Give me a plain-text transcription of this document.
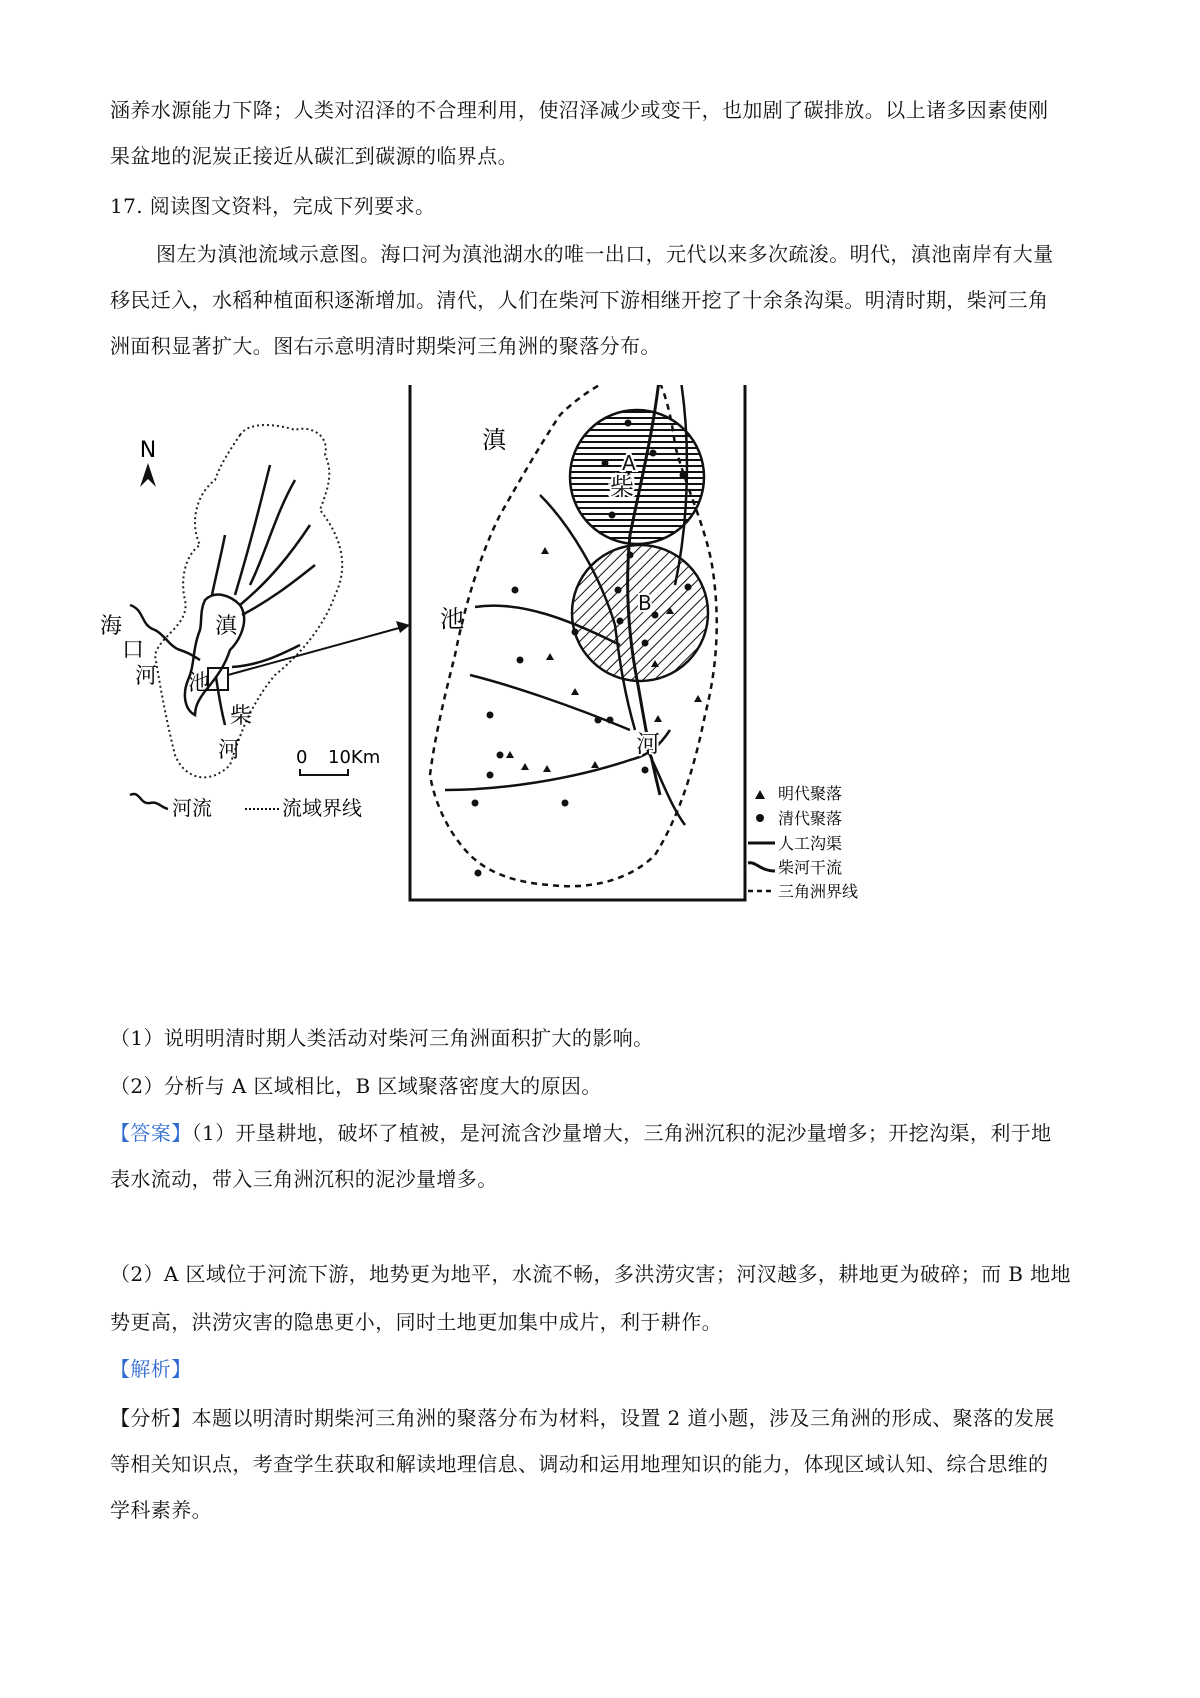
涵养水源能力下降；人类对沼泽的不合理利用，使沼泽减少或变干，也加剧了碳排放。以上诸多因素使刚
果盆地的泥炭正接近从碳汇到碳源的临界点。
17. 阅读图文资料，完成下列要求。
图左为滇池流域示意图。海口河为滇池湖水的唯一出口，元代以来多次疏浚。明代，滇池南岸有大量
移民迁入，水稻种植面积逐渐增加。清代，人们在柴河下游相继开挖了十余条沟渠。明清时期，柴河三角
洲面积显著扩大。图右示意明清时期柴河三角洲的聚落分布。
N
滇
池
海
口
河
柴
河	0 10Km
河流	流域界线
滇
池
柴
河
A
B
明代聚落
清代聚落
人工沟渠
柴河干流
三角洲界线
（1）说明明清时期人类活动对柴河三角洲面积扩大的影响。
（2）分析与 A 区域相比，B 区域聚落密度大的原因。
【答案】（1）开垦耕地，破坏了植被，是河流含沙量增大，三角洲沉积的泥沙量增多；开挖沟渠，利于地
表水流动，带入三角洲沉积的泥沙量增多。
（2）A 区域位于河流下游，地势更为地平，水流不畅，多洪涝灾害；河汊越多，耕地更为破碎；而 B 地地
势更高，洪涝灾害的隐患更小，同时土地更加集中成片，利于耕作。
【解析】
【分析】本题以明清时期柴河三角洲的聚落分布为材料，设置 2 道小题，涉及三角洲的形成、聚落的发展
等相关知识点，考查学生获取和解读地理信息、调动和运用地理知识的能力，体现区域认知、综合思维的
学科素养。
